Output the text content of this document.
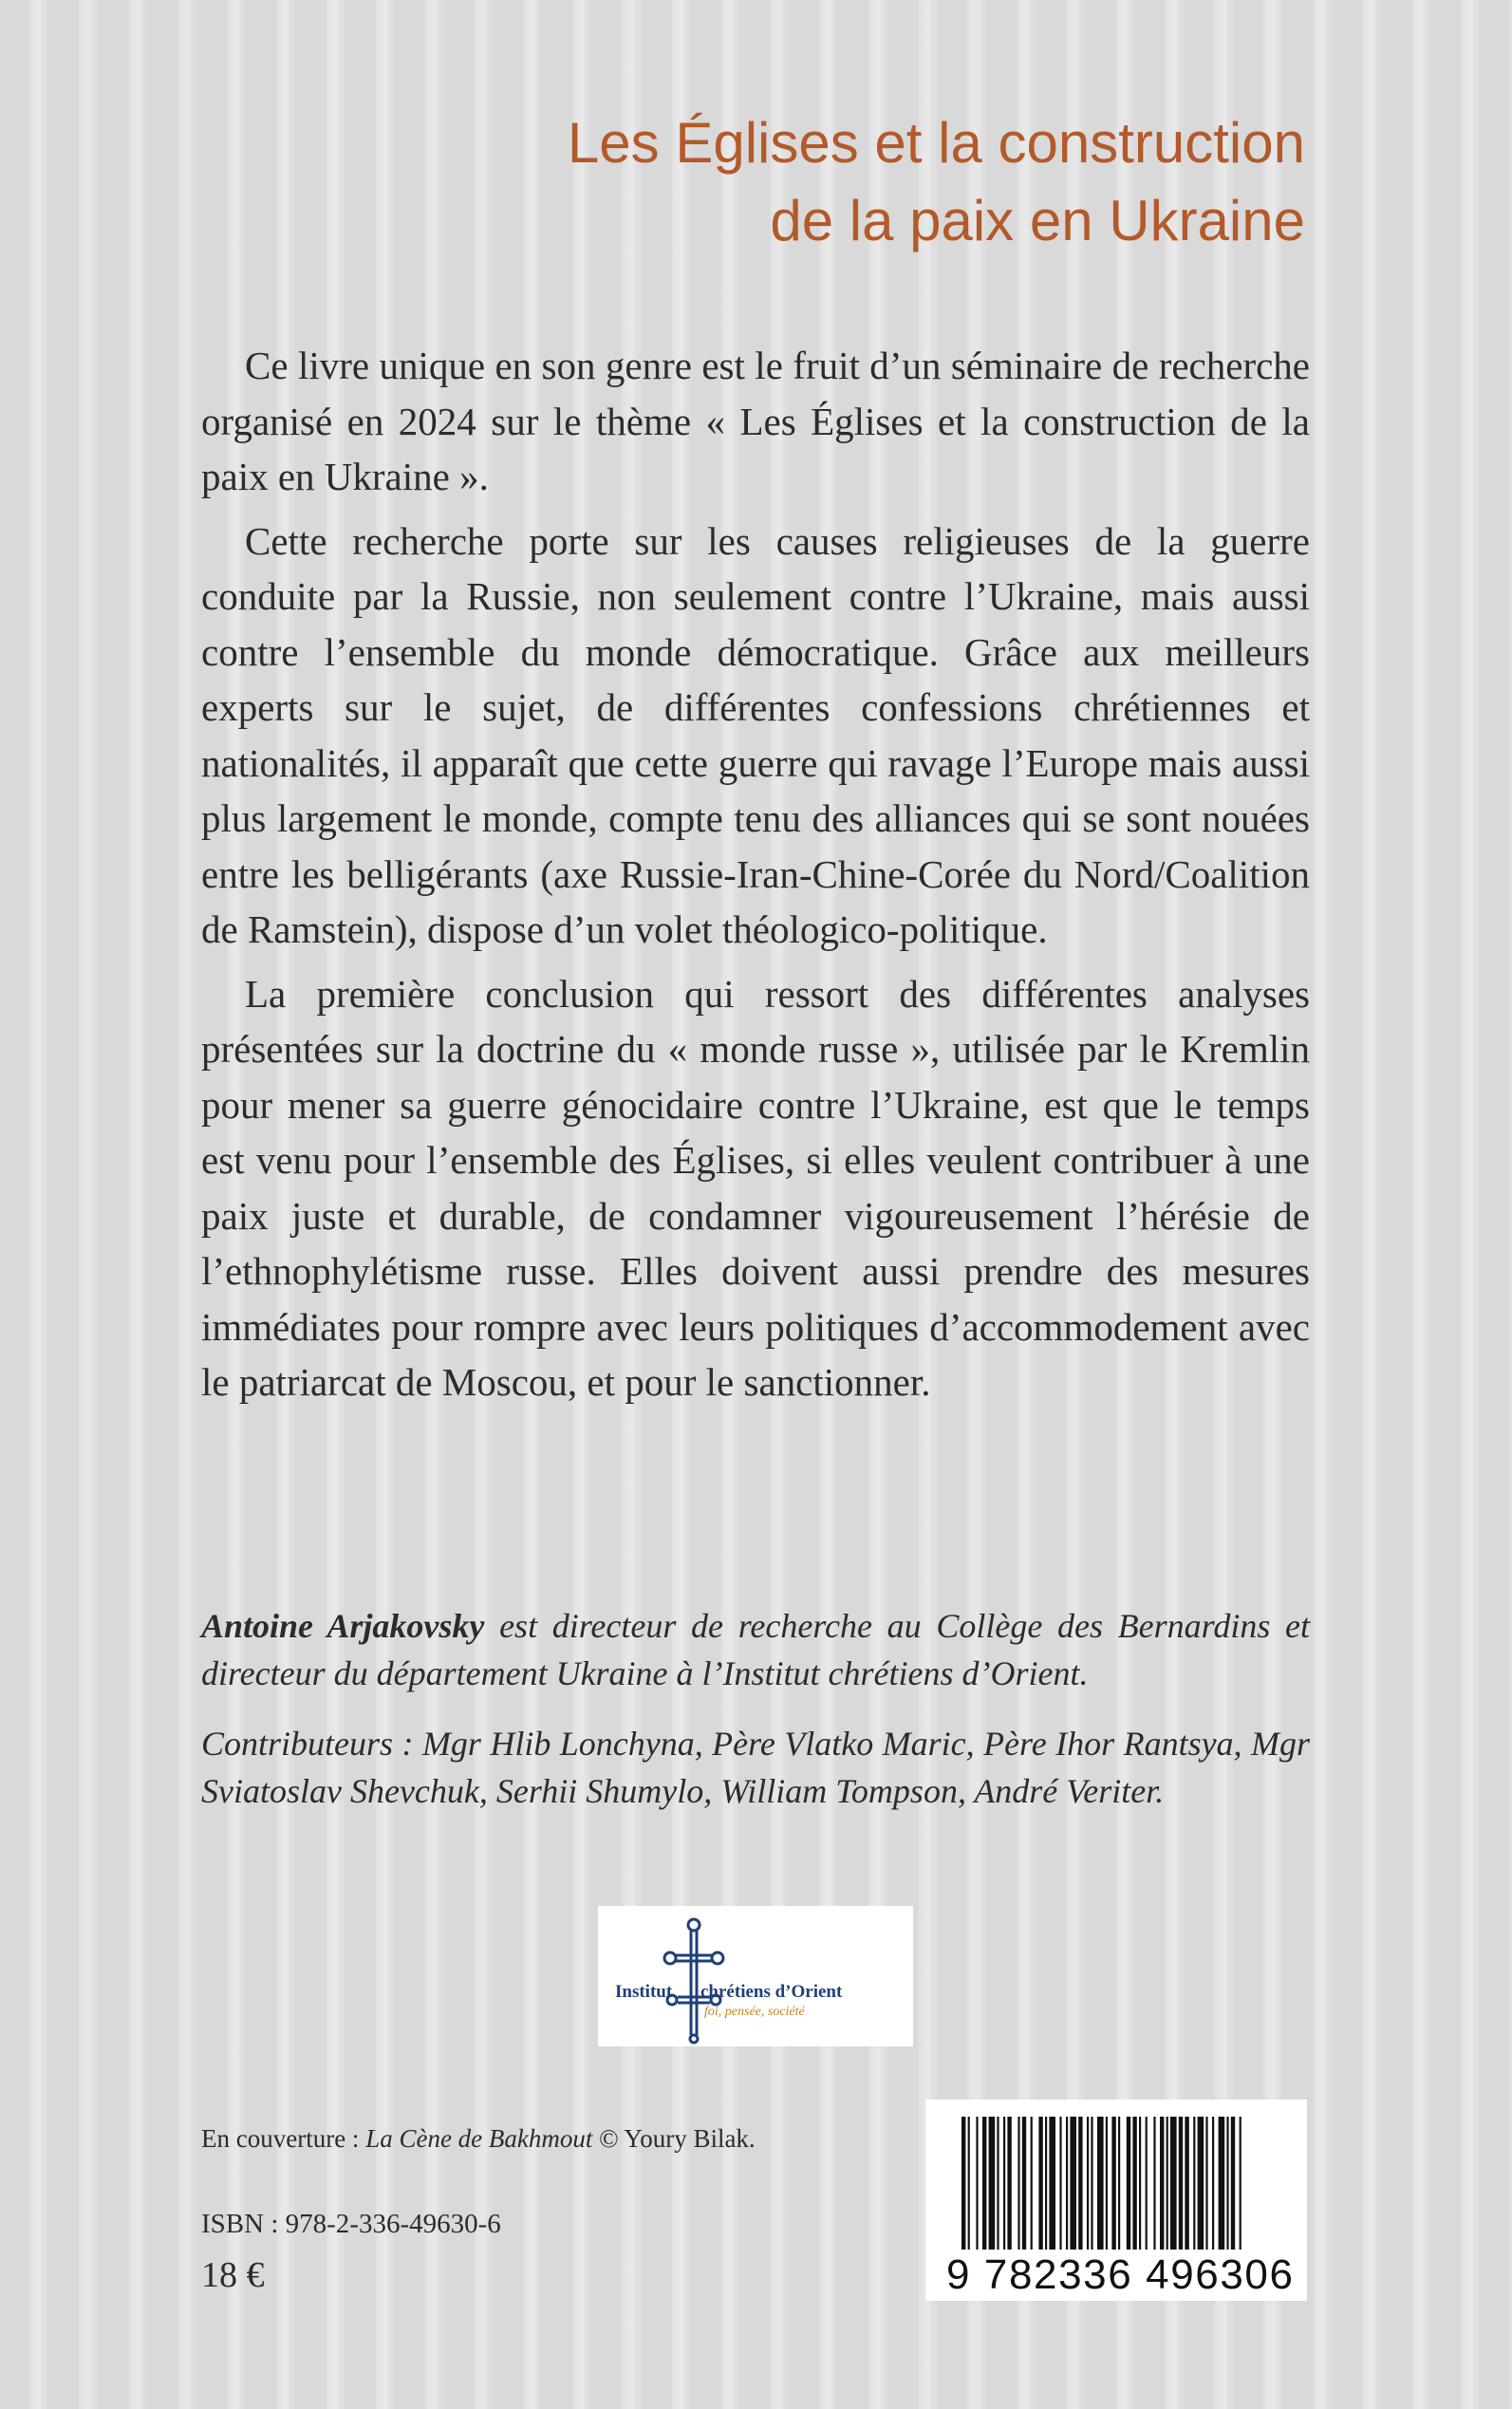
Les Églises et la construction
de la paix en Ukraine

Ce livre unique en son genre est le fruit d’un séminaire de recherche organisé en 2024 sur le thème « Les Églises et la construction de la paix en Ukraine ».

Cette recherche porte sur les causes religieuses de la guerre conduite par la Russie, non seulement contre l’Ukraine, mais aussi contre l’ensemble du monde démocratique. Grâce aux meilleurs experts sur le sujet, de différentes confessions chrétiennes et nationalités, il apparaît que cette guerre qui ravage l’Europe mais aussi plus largement le monde, compte tenu des alliances qui se sont nouées entre les belligérants (axe Russie-Iran-Chine-Corée du Nord/Coalition de Ramstein), dispose d’un volet théologico-politique.

La première conclusion qui ressort des différentes analyses présentées sur la doctrine du « monde russe », utilisée par le Kremlin pour mener sa guerre génocidaire contre l’Ukraine, est que le temps est venu pour l’ensemble des Églises, si elles veulent contribuer à une paix juste et durable, de condamner vigoureusement l’hérésie de l’ethnophylétisme russe. Elles doivent aussi prendre des mesures immédiates pour rompre avec leurs politiques d’accommodement avec le patriarcat de Moscou, et pour le sanctionner.

Antoine Arjakovsky est directeur de recherche au Collège des Bernardins et directeur du département Ukraine à l’Institut chrétiens d’Orient.

Contributeurs : Mgr Hlib Lonchyna, Père Vlatko Maric, Père Ihor Rantsya, Mgr Sviatoslav Shevchuk, Serhii Shumylo, William Tompson, André Veriter.

Institut chrétiens d’Orient
foi, pensée, société
En couverture : La Cène de Bakhmout © Youry Bilak.
ISBN : 978-2-336-49630-6
18 €	9 782336 496306
